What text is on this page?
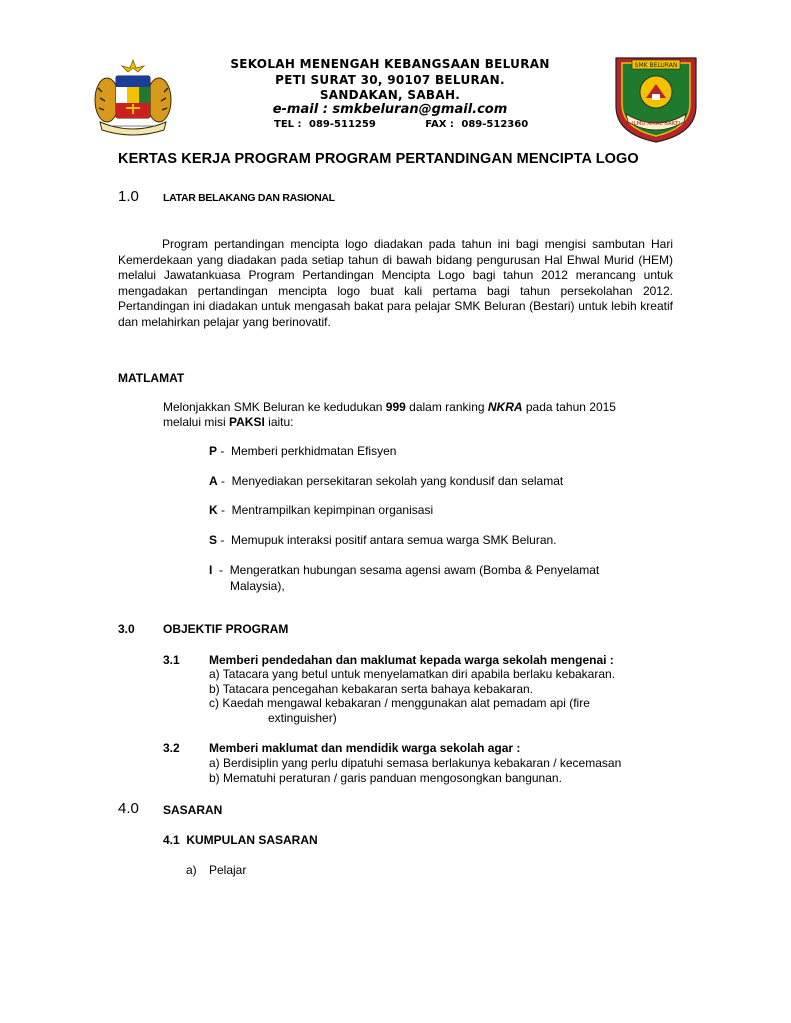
SEKOLAH MENENGAH KEBANGSAAN BELURAN
PETI SURAT 30, 90107 BELURAN.
SANDAKAN, SABAH.
e-mail : smkbeluran@gmail.com
TEL : 089-511259	FAX : 089-512360
SMK BELURAN
ILMU AMAL BAKTI
KERTAS KERJA PROGRAM PROGRAM PERTANDINGAN MENCIPTA LOGO
1.0 LATAR BELAKANG DAN RASIONAL
Program pertandingan mencipta logo diadakan pada tahun ini bagi mengisi sambutan Hari Kemerdekaan yang diadakan pada setiap tahun di bawah bidang pengurusan Hal Ehwal Murid (HEM) melalui Jawatankuasa Program Pertandingan Mencipta Logo bagi tahun 2012 merancang untuk mengadakan pertandingan mencipta logo buat kali pertama bagi tahun persekolahan 2012. Pertandingan ini diadakan untuk mengasah bakat para pelajar SMK Beluran (Bestari) untuk lebih kreatif dan melahirkan pelajar yang berinovatif.
MATLAMAT
Melonjakkan SMK Beluran ke kedudukan 999 dalam ranking NKRA pada tahun 2015
melalui misi PAKSI iaitu:
P -  Memberi perkhidmatan Efisyen
A -  Menyediakan persekitaran sekolah yang kondusif dan selamat
K -  Mentrampilkan kepimpinan organisasi
S -  Memupuk interaksi positif antara semua warga SMK Beluran.
I  -  Mengeratkan hubungan sesama agensi awam (Bomba & Penyelamat
Malaysia),
3.0 OBJEKTIF PROGRAM
3.1 Memberi pendedahan dan maklumat kepada warga sekolah mengenai :
a) Tatacara yang betul untuk menyelamatkan diri apabila berlaku kebakaran.
b) Tatacara pencegahan kebakaran serta bahaya kebakaran.
c) Kaedah mengawal kebakaran / menggunakan alat pemadam api (fire
extinguisher)
3.2 Memberi maklumat dan mendidik warga sekolah agar :
a) Berdisiplin yang perlu dipatuhi semasa berlakunya kebakaran / kecemasan
b) Mematuhi peraturan / garis panduan mengosongkan bangunan.
4.0 SASARAN
4.1  KUMPULAN SASARAN
a) Pelajar
